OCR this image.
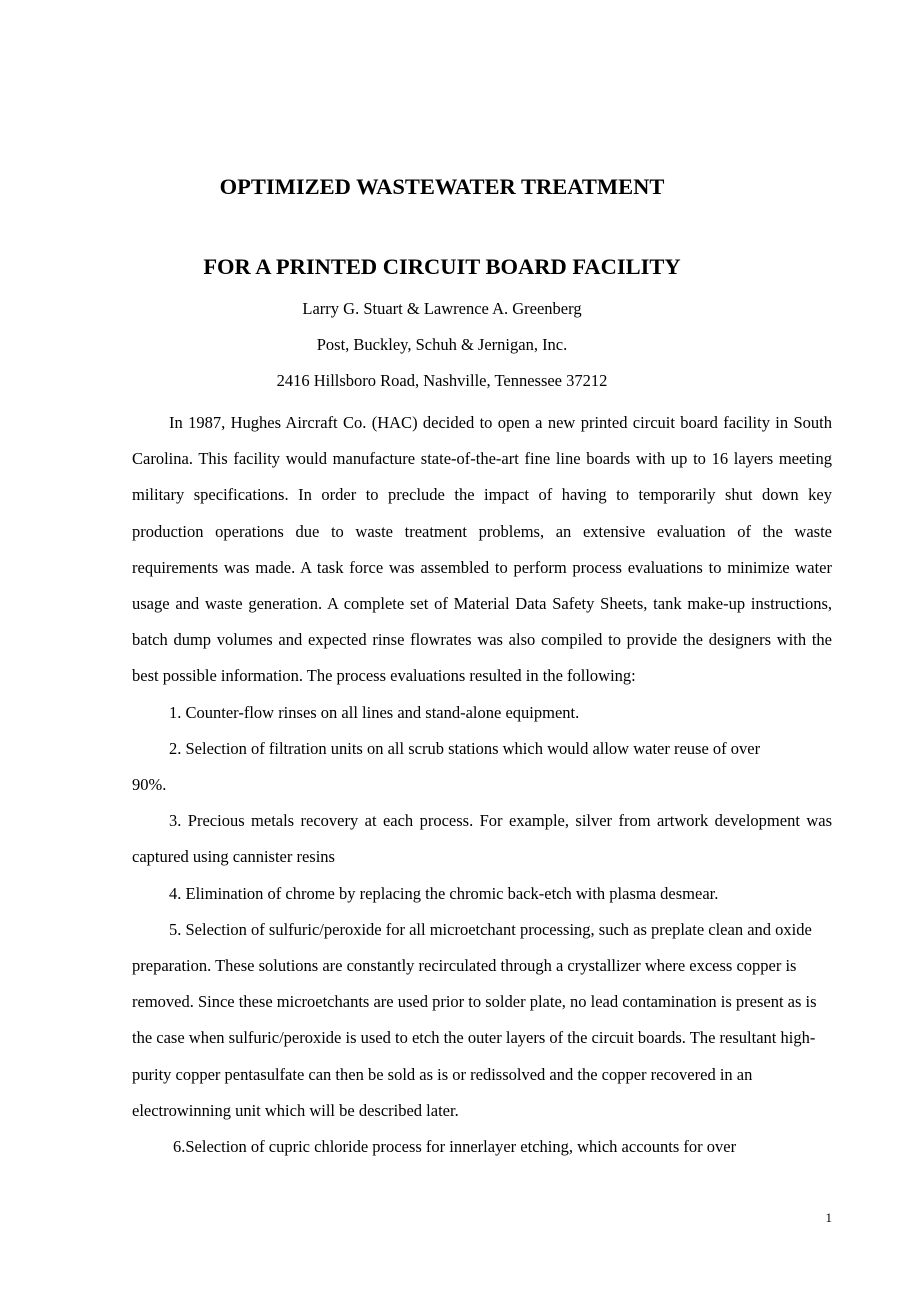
OPTIMIZED WASTEWATER TREATMENT
FOR A PRINTED CIRCUIT BOARD FACILITY

Larry G. Stuart & Lawrence A. Greenberg

Post, Buckley, Schuh & Jernigan, Inc.

2416 Hillsboro Road, Nashville, Tennessee 37212

In 1987, Hughes Aircraft Co. (HAC) decided to open a new printed circuit board facility in South Carolina. This facility would manufacture state-of-the-art fine line boards with up to 16 layers meeting military specifications. In order to preclude the impact of having to temporarily shut down key production operations due to waste treatment problems, an extensive evaluation of the waste requirements was made. A task force was assembled to perform process evaluations to minimize water usage and waste generation. A complete set of Material Data Safety Sheets, tank make-up instructions, batch dump volumes and expected rinse flowrates was also compiled to provide the designers with the best possible information. The process evaluations resulted in the following:

1. Counter-flow rinses on all lines and stand-alone equipment.

2. Selection of filtration units on all scrub stations which would allow water reuse of over 90%.

3. Precious metals recovery at each process. For example, silver from artwork development was captured using cannister resins

4. Elimination of chrome by replacing the chromic back-etch with plasma desmear.

5. Selection of sulfuric/peroxide for all microetchant processing, such as preplate clean and oxide preparation. These solutions are constantly recirculated through a crystallizer where excess copper is removed. Since these microetchants are used prior to solder plate, no lead contamination is present as is the case when sulfuric/peroxide is used to etch the outer layers of the circuit boards. The resultant high-purity copper pentasulfate can then be sold as is or redissolved and the copper recovered in an electrowinning unit which will be described later.

6.Selection of cupric chloride process for innerlayer etching, which accounts for over

1
